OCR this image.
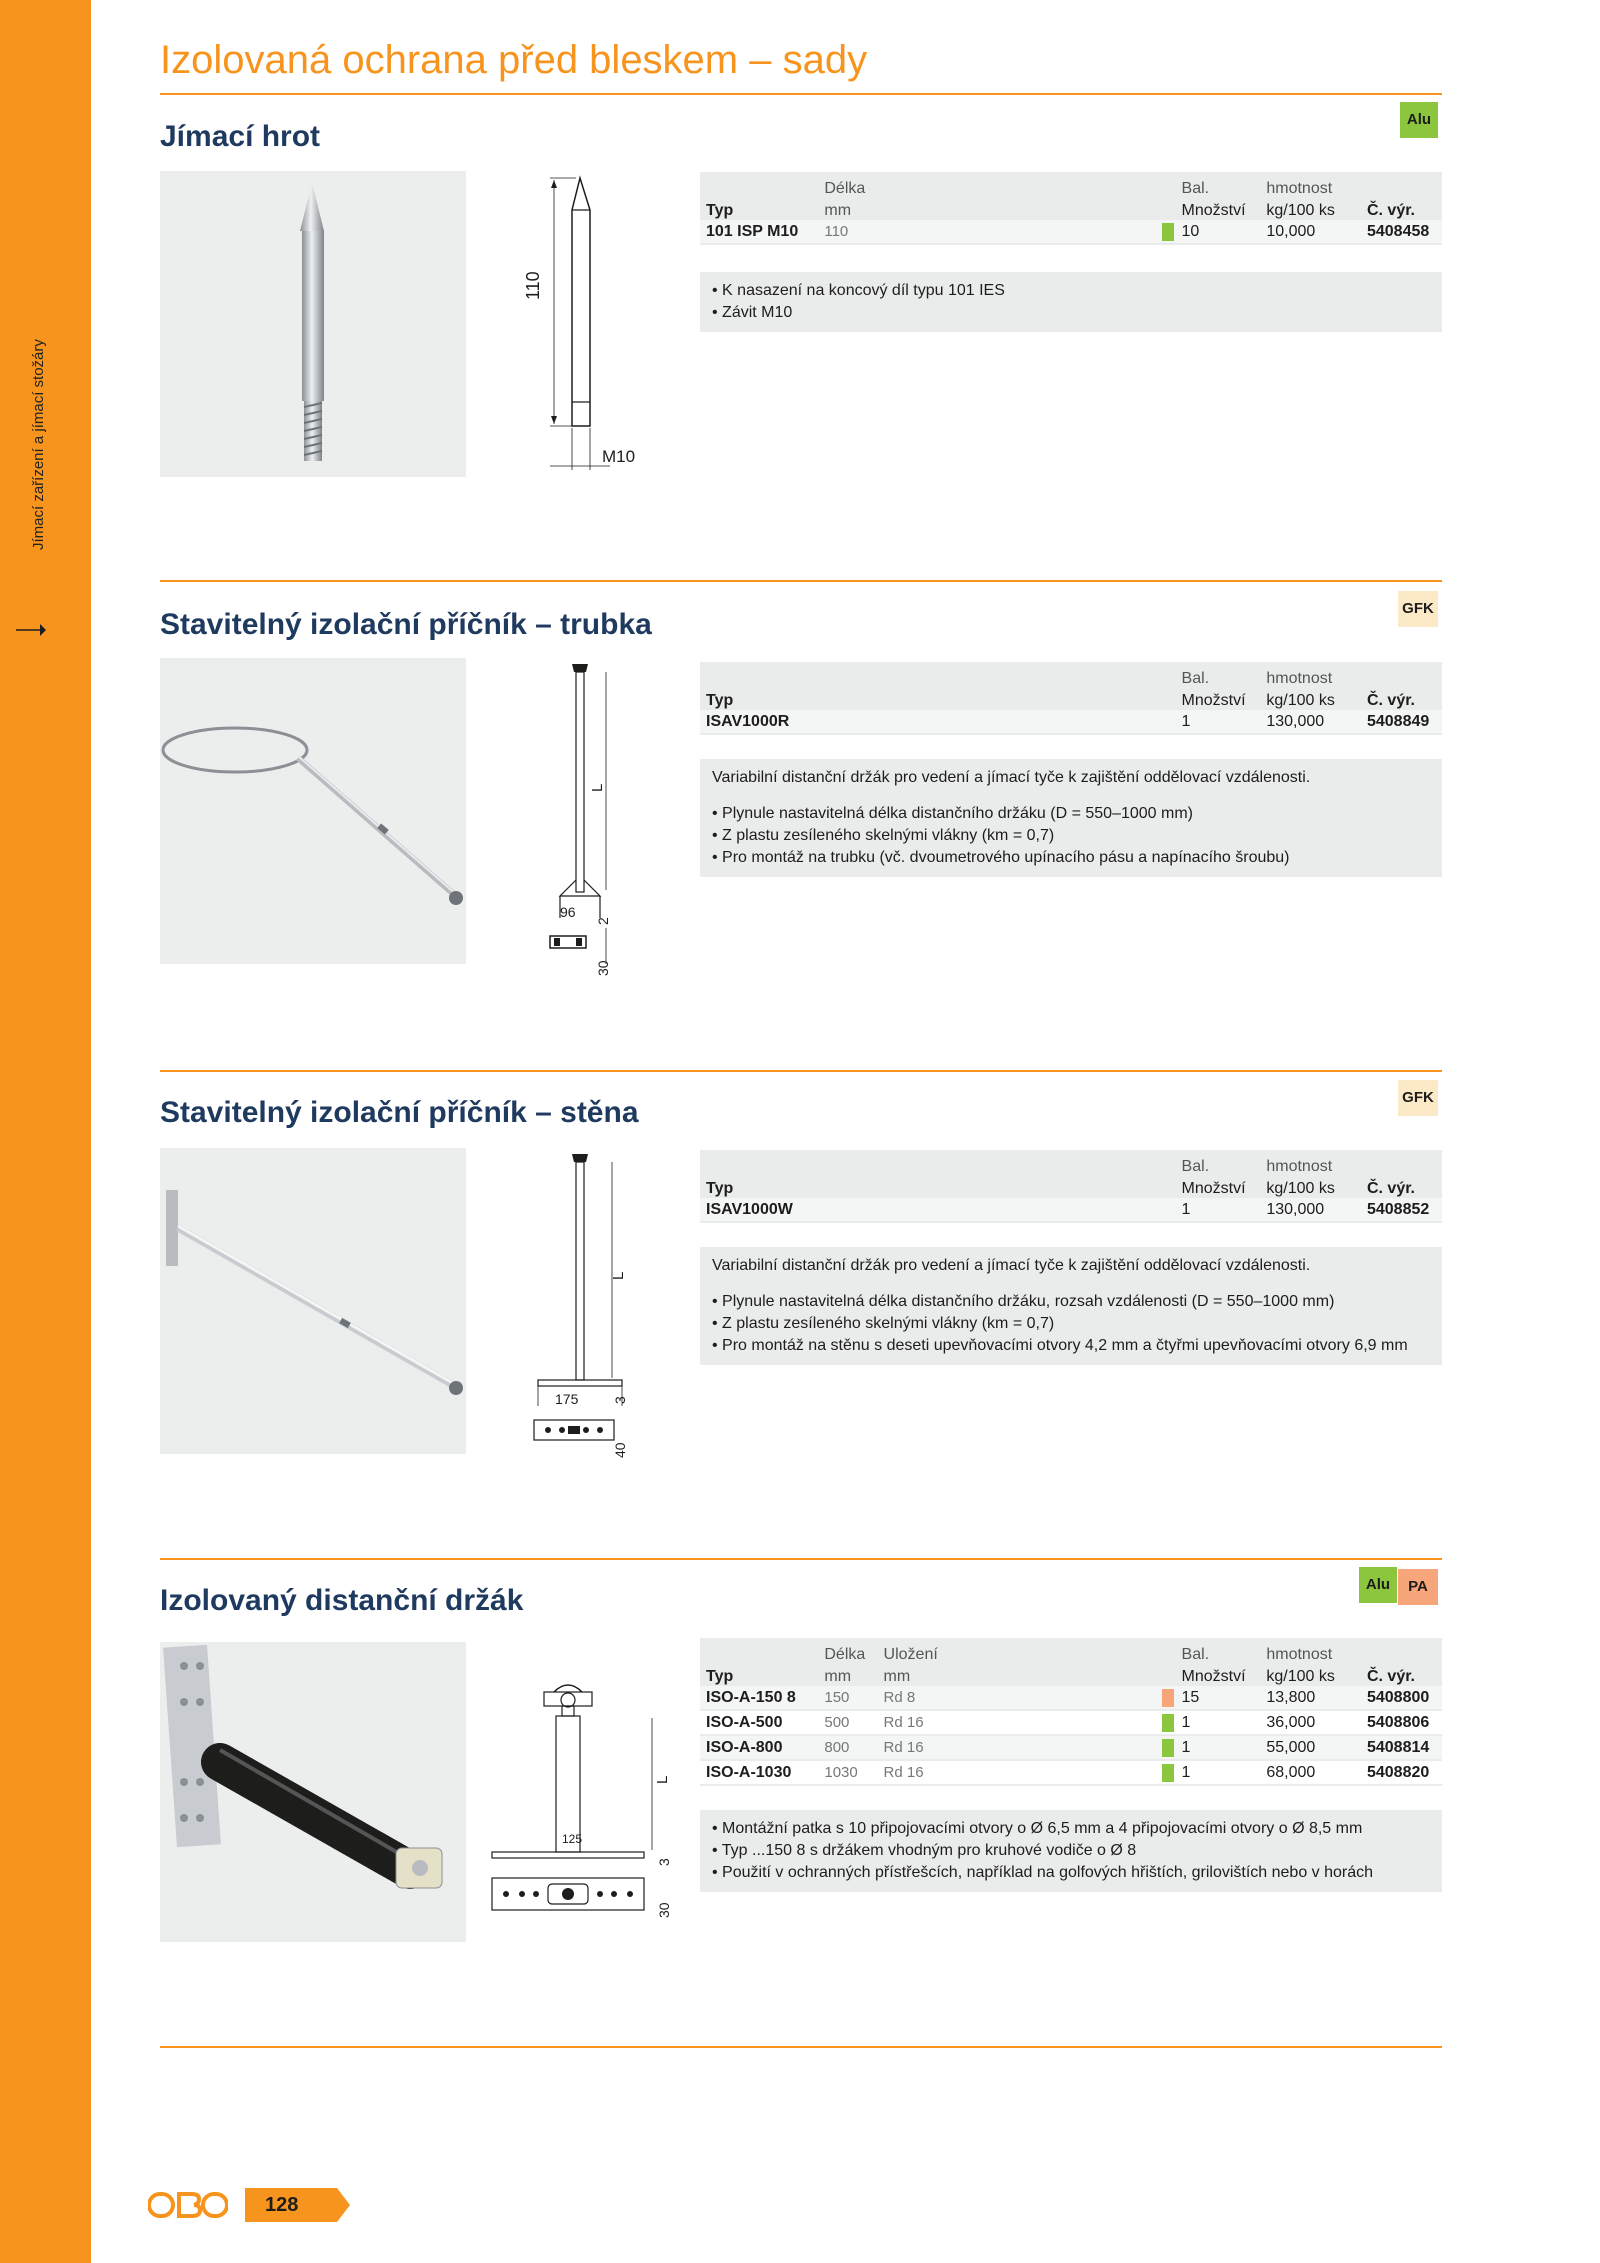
Jímací zařízení a jímací stožáry
Izolovaná ochrana před bleskem – sady
Jímací hrot
Alu
110
M10
Délka	Bal.	hmotnost
Typ	mm	Množství	kg/100 ks	Č. výr.
101 ISP M10	110	10	10,000	5408458

• K nasazení na koncový díl typu 101 IES

• Závit M10

Stavitelný izolační příčník – trubka	GFK
L
96
2
30
Bal.	hmotnost
Typ	Množství	kg/100 ks	Č. výr.
ISAV1000R	1	130,000	5408849

Variabilní distanční držák pro vedení a jímací tyče k zajištění oddělovací vzdálenosti.

• Plynule nastavitelná délka distančního držáku (D = 550–1000 mm)

• Z plastu zesíleného skelnými vlákny (km = 0,7)

• Pro montáž na trubku (vč. dvoumetrového upínacího pásu a napínacího šroubu)

Stavitelný izolační příčník – stěna	GFK
L
175 3
40
Bal.	hmotnost
Typ	Množství	kg/100 ks	Č. výr.
ISAV1000W	1	130,000	5408852

Variabilní distanční držák pro vedení a jímací tyče k zajištění oddělovací vzdálenosti.

• Plynule nastavitelná délka distančního držáku, rozsah vzdálenosti (D = 550–1000 mm)

• Z plastu zesíleného skelnými vlákny (km = 0,7)

• Pro montáž na stěnu s deseti upevňovacími otvory 4,2 mm a čtyřmi upevňovacími otvory 6,9 mm

Izolovaný distanční držák	Alu	PA
L
125
3
30
Délka	Uložení	Bal.	hmotnost
Typ	mm	mm	Množství	kg/100 ks	Č. výr.
ISO-A-150 8	150	Rd 8	15	13,800	5408800
ISO-A-500	500	Rd 16	1	36,000	5408806
ISO-A-800	800	Rd 16	1	55,000	5408814
ISO-A-1030	1030	Rd 16	1	68,000	5408820

• Montážní patka s 10 připojovacími otvory o Ø 6,5 mm a 4 připojovacími otvory o Ø 8,5 mm

• Typ ...150 8 s držákem vhodným pro kruhové vodiče o Ø 8

• Použití v ochranných přístřešcích, například na golfových hřištích, grilovištích nebo v horách

128
